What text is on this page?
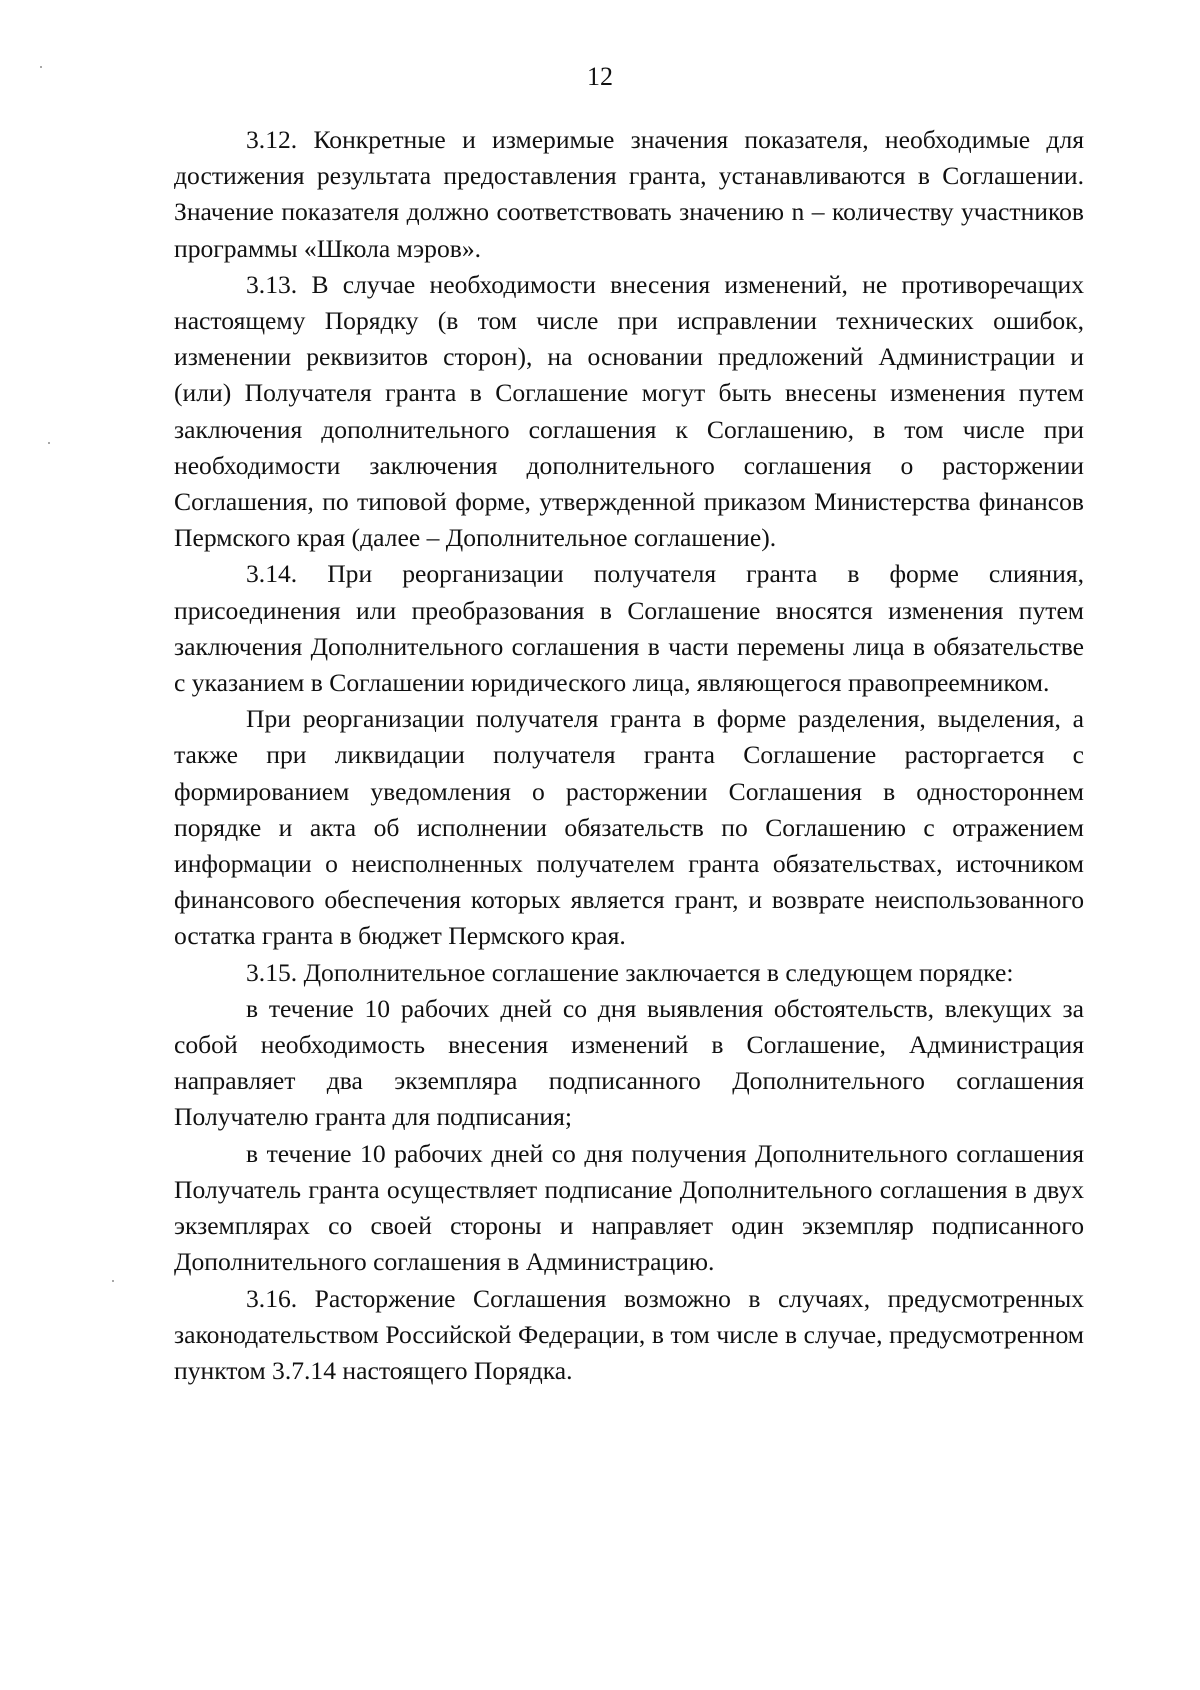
12

3.12. Конкретные и измеримые значения показателя, необходимые для достижения результата предоставления гранта, устанавливаются в Соглашении. Значение показателя должно соответствовать значению n – количеству участников программы «Школа мэров».

3.13. В случае необходимости внесения изменений, не противоречащих настоящему Порядку (в том числе при исправлении технических ошибок, изменении реквизитов сторон), на основании предложений Администрации и (или) Получателя гранта в Соглашение могут быть внесены изменения путем заключения дополнительного соглашения к Соглашению, в том числе при необходимости заключения дополнительного соглашения о расторжении Соглашения, по типовой форме, утвержденной приказом Министерства финансов Пермского края (далее – Дополнительное соглашение).

3.14. При реорганизации получателя гранта в форме слияния, присоединения или преобразования в Соглашение вносятся изменения путем заключения Дополнительного соглашения в части перемены лица в обязательстве с указанием в Соглашении юридического лица, являющегося правопреемником.

При реорганизации получателя гранта в форме разделения, выделения, а также при ликвидации получателя гранта Соглашение расторгается с формированием уведомления о расторжении Соглашения в одностороннем порядке и акта об исполнении обязательств по Соглашению с отражением информации о неисполненных получателем гранта обязательствах, источником финансового обеспечения которых является грант, и возврате неиспользованного остатка гранта в бюджет Пермского края.

3.15. Дополнительное соглашение заключается в следующем порядке:

в течение 10 рабочих дней со дня выявления обстоятельств, влекущих за собой необходимость внесения изменений в Соглашение, Администрация направляет два экземпляра подписанного Дополнительного соглашения Получателю гранта для подписания;

в течение 10 рабочих дней со дня получения Дополнительного соглашения Получатель гранта осуществляет подписание Дополнительного соглашения в двух экземплярах со своей стороны и направляет один экземпляр подписанного Дополнительного соглашения в Администрацию.

3.16. Расторжение Соглашения возможно в случаях, предусмотренных законодательством Российской Федерации, в том числе в случае, предусмотренном пунктом 3.7.14 настоящего Порядка.
